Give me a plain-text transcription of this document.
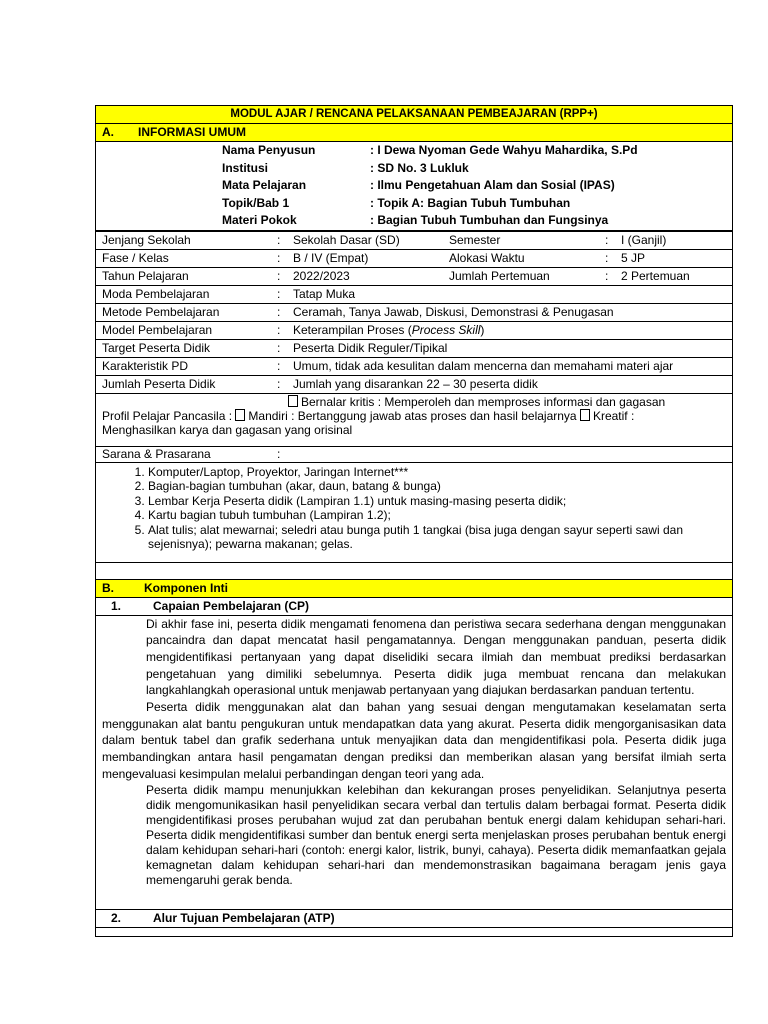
MODUL AJAR / RENCANA PELAKSANAAN PEMBEAJARAN (RPP+)
A. INFORMASI UMUM

Nama Penyusun	: I Dewa Nyoman Gede Wahyu Mahardika, S.Pd
Institusi	: SD No. 3 Lukluk
Mata Pelajaran	: Ilmu Pengetahuan Alam dan Sosial (IPAS)
Topik/Bab 1	: Topik A: Bagian Tubuh Tumbuhan
Materi Pokok	: Bagian Tubuh Tumbuhan dan Fungsinya
Jenjang Sekolah	:	Sekolah Dasar (SD)	Semester	:	I (Ganjil)

Fase / Kelas	:	B / IV (Empat)	Alokasi Waktu	:	5 JP

Tahun Pelajaran	:	2022/2023	Jumlah Pertemuan	:	2 Pertemuan

Moda Pembelajaran	:	Tatap Muka

Metode Pembelajaran	:	Ceramah, Tanya Jawab, Diskusi, Demonstrasi & Penugasan

Model Pembelajaran	:	Keterampilan Proses (Process Skill)

Target Peserta Didik	:	Peserta Didik Reguler/Tipikal

Karakteristik PD	:	Umum, tidak ada kesulitan dalam mencerna dan memahami materi ajar

Jumlah Peserta Didik	:	Jumlah yang disarankan 22 – 30 peserta didik

Bernalar kritis : Memperoleh dan memproses informasi dan gagasan
Profil Pelajar Pancasila : Mandiri : Bertanggung jawab atas proses dan hasil belajarnya Kreatif :
Menghasilkan karya dan gagasan yang orisinal

Sarana & Prasarana	:

1. Komputer/Laptop, Proyektor, Jaringan Internet***
2. Bagian-bagian tumbuhan (akar, daun, batang & bunga)
3. Lembar Kerja Peserta didik (Lampiran 1.1) untuk masing-masing peserta didik;
4. Kartu bagian tubuh tumbuhan (Lampiran 1.2);
5. Alat tulis; alat mewarnai; seledri atau bunga putih 1 tangkai (bisa juga dengan sayur seperti sawi dan sejenisnya); pewarna makanan; gelas.

B.	Komponen Inti
1.	Capaian Pembelajaran (CP)

Di akhir fase ini, peserta didik mengamati fenomena dan peristiwa secara sederhana dengan menggunakan pancaindra dan dapat mencatat hasil pengamatannya. Dengan menggunakan panduan, peserta didik mengidentifikasi pertanyaan yang dapat diselidiki secara ilmiah dan membuat prediksi berdasarkan pengetahuan yang dimiliki sebelumnya. Peserta didik juga membuat rencana dan melakukan langkahlangkah operasional untuk menjawab pertanyaan yang diajukan berdasarkan panduan tertentu.
Peserta didik menggunakan alat dan bahan yang sesuai dengan mengutamakan keselamatan serta menggunakan alat bantu pengukuran untuk mendapatkan data yang akurat. Peserta didik mengorganisasikan data dalam bentuk tabel dan grafik sederhana untuk menyajikan data dan mengidentifikasi pola. Peserta didik juga membandingkan antara hasil pengamatan dengan prediksi dan memberikan alasan yang bersifat ilmiah serta mengevaluasi kesimpulan melalui perbandingan dengan teori yang ada.
Peserta didik mampu menunjukkan kelebihan dan kekurangan proses penyelidikan. Selanjutnya peserta didik mengomunikasikan hasil penyelidikan secara verbal dan tertulis dalam berbagai format. Peserta didik mengidentifikasi proses perubahan wujud zat dan perubahan bentuk energi dalam kehidupan sehari-hari. Peserta didik mengidentifikasi sumber dan bentuk energi serta menjelaskan proses perubahan bentuk energi dalam kehidupan sehari-hari (contoh: energi kalor, listrik, bunyi, cahaya). Peserta didik memanfaatkan gejala kemagnetan dalam kehidupan sehari-hari dan mendemonstrasikan bagaimana beragam jenis gaya memengaruhi gerak benda.

2.	Alur Tujuan Pembelajaran (ATP)
